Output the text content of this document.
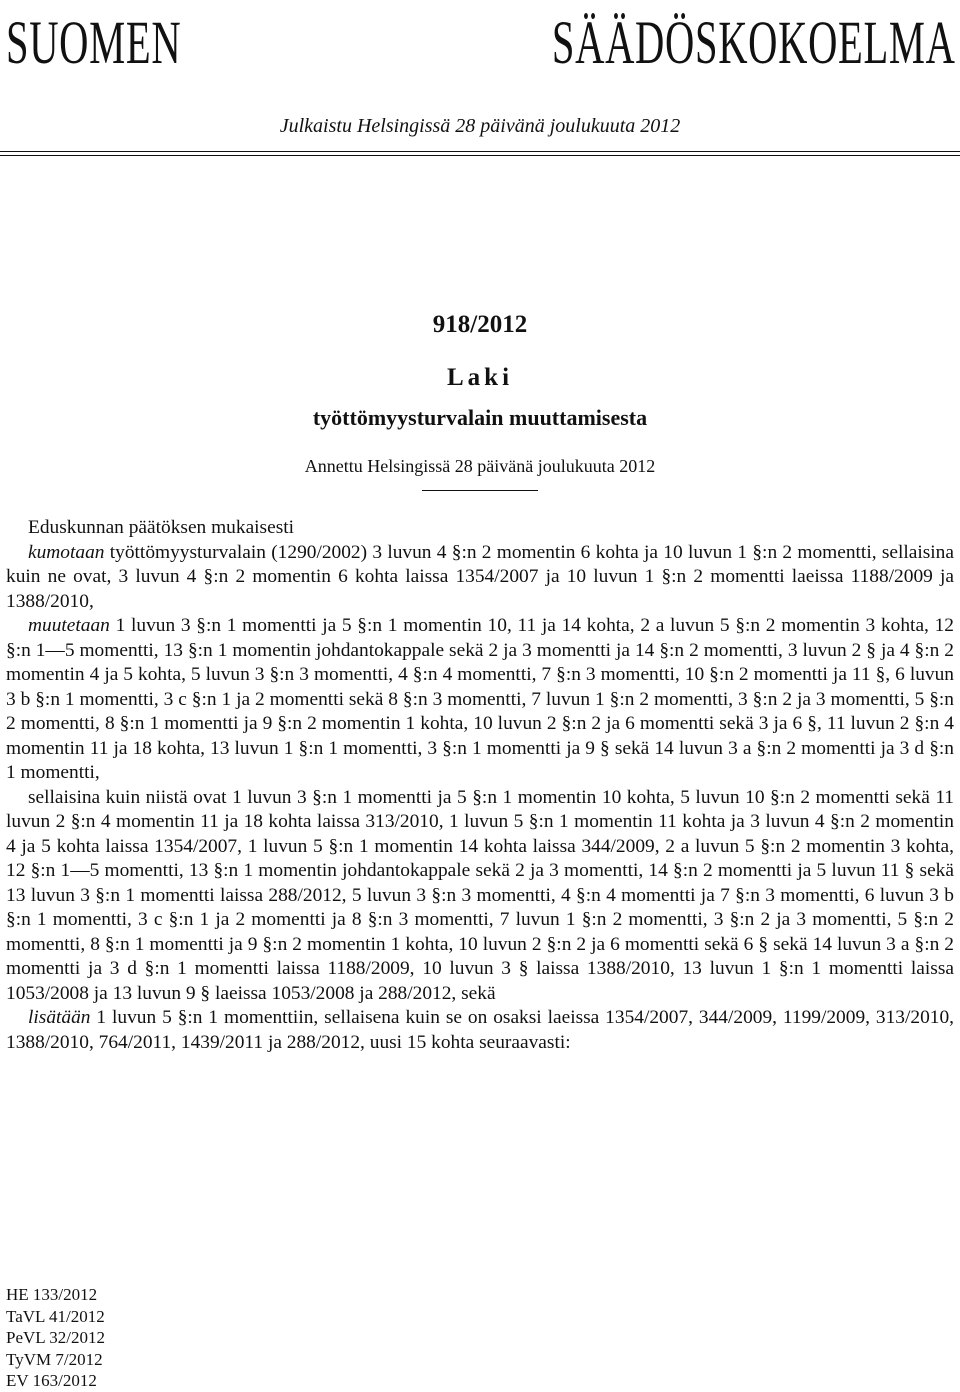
SUOMEN SÄÄDÖSKOKOELMA
Julkaistu Helsingissä 28 päivänä joulukuuta 2012
918/2012
Laki
työttömyysturvalain muuttamisesta
Annettu Helsingissä 28 päivänä joulukuuta 2012

Eduskunnan päätöksen mukaisesti

kumotaan työttömyysturvalain (1290/2002) 3 luvun 4 §:n 2 momentin 6 kohta ja 10 luvun 1 §:n 2 momentti, sellaisina kuin ne ovat, 3 luvun 4 §:n 2 momentin 6 kohta laissa 1354/2007 ja 10 luvun 1 §:n 2 momentti laeissa 1188/2009 ja 1388/2010,

muutetaan 1 luvun 3 §:n 1 momentti ja 5 §:n 1 momentin 10, 11 ja 14 kohta, 2 a luvun 5 §:n 2 momentin 3 kohta, 12 §:n 1—5 momentti, 13 §:n 1 momentin johdantokappale sekä 2 ja 3 momentti ja 14 §:n 2 momentti, 3 luvun 2 § ja 4 §:n 2 momentin 4 ja 5 kohta, 5 luvun 3 §:n 3 momentti, 4 §:n 4 momentti, 7 §:n 3 momentti, 10 §:n 2 momentti ja 11 §, 6 luvun 3 b §:n 1 momentti, 3 c §:n 1 ja 2 momentti sekä 8 §:n 3 momentti, 7 luvun 1 §:n 2 momentti, 3 §:n 2 ja 3 momentti, 5 §:n 2 momentti, 8 §:n 1 momentti ja 9 §:n 2 momentin 1 kohta, 10 luvun 2 §:n 2 ja 6 momentti sekä 3 ja 6 §, 11 luvun 2 §:n 4 momentin 11 ja 18 kohta, 13 luvun 1 §:n 1 momentti, 3 §:n 1 momentti ja 9 § sekä 14 luvun 3 a §:n 2 momentti ja 3 d §:n 1 momentti,

sellaisina kuin niistä ovat 1 luvun 3 §:n 1 momentti ja 5 §:n 1 momentin 10 kohta, 5 luvun 10 §:n 2 momentti sekä 11 luvun 2 §:n 4 momentin 11 ja 18 kohta laissa 313/2010, 1 luvun 5 §:n 1 momentin 11 kohta ja 3 luvun 4 §:n 2 momentin 4 ja 5 kohta laissa 1354/2007, 1 luvun 5 §:n 1 momentin 14 kohta laissa 344/2009, 2 a luvun 5 §:n 2 momentin 3 kohta, 12 §:n 1—5 momentti, 13 §:n 1 momentin johdantokappale sekä 2 ja 3 momentti, 14 §:n 2 momentti ja 5 luvun 11 § sekä 13 luvun 3 §:n 1 momentti laissa 288/2012, 5 luvun 3 §:n 3 momentti, 4 §:n 4 momentti ja 7 §:n 3 momentti, 6 luvun 3 b §:n 1 momentti, 3 c §:n 1 ja 2 momentti ja 8 §:n 3 momentti, 7 luvun 1 §:n 2 momentti, 3 §:n 2 ja 3 momentti, 5 §:n 2 momentti, 8 §:n 1 momentti ja 9 §:n 2 momentin 1 kohta, 10 luvun 2 §:n 2 ja 6 momentti sekä 6 § sekä 14 luvun 3 a §:n 2 momentti ja 3 d §:n 1 momentti laissa 1188/2009, 10 luvun 3 § laissa 1388/2010, 13 luvun 1 §:n 1 momentti laissa 1053/2008 ja 13 luvun 9 § laeissa 1053/2008 ja 288/2012, sekä

lisätään 1 luvun 5 §:n 1 momenttiin, sellaisena kuin se on osaksi laeissa 1354/2007, 344/2009, 1199/2009, 313/2010, 1388/2010, 764/2011, 1439/2011 ja 288/2012, uusi 15 kohta seuraavasti:

HE 133/2012
TaVL 41/2012
PeVL 32/2012
TyVM 7/2012
EV 163/2012
